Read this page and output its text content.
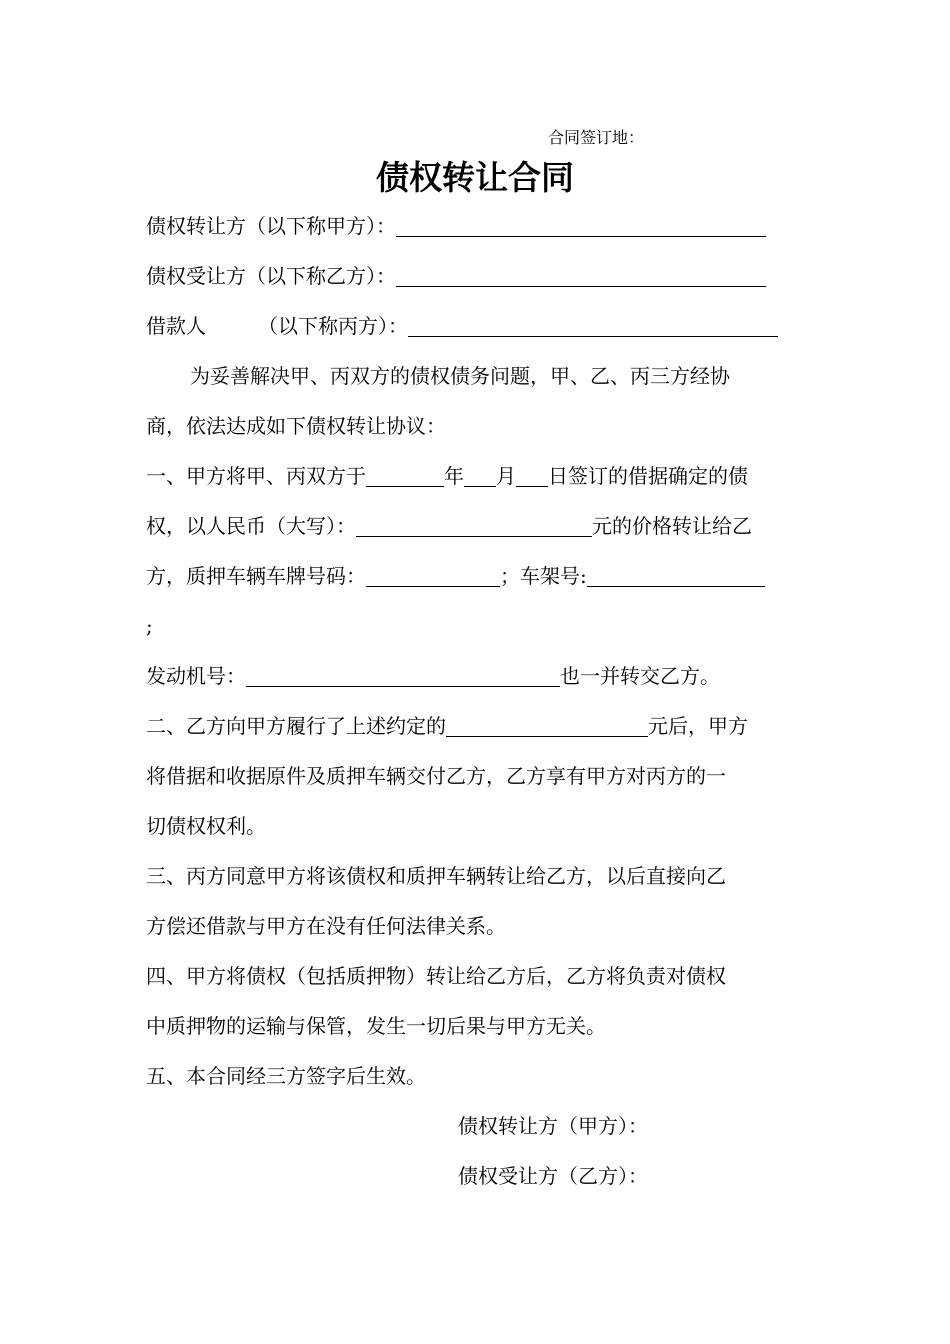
合同签订地：
债权转让合同
债权转让方（以下称甲方）：
债权受让方（以下称乙方）：
借款人	（以下称丙方）：
为妥善解决甲、丙双方的债权债务问题，甲、乙、丙三方经协
商，依法达成如下债权转让协议：
一、甲方将甲、丙双方于	年 月 日签订的借据确定的债
权，以人民币（大写）：	元的价格转让给乙
方，质押车辆车牌号码：	；车架号:
;
发动机号：	也一并转交乙方。
二、乙方向甲方履行了上述约定的	元后，甲方
将借据和收据原件及质押车辆交付乙方，乙方享有甲方对丙方的一
切债权权利。
三、丙方同意甲方将该债权和质押车辆转让给乙方，以后直接向乙
方偿还借款与甲方在没有任何法律关系。
四、甲方将债权（包括质押物）转让给乙方后，乙方将负责对债权
中质押物的运输与保管，发生一切后果与甲方无关。
五、本合同经三方签字后生效。
债权转让方（甲方）：
债权受让方（乙方）：
